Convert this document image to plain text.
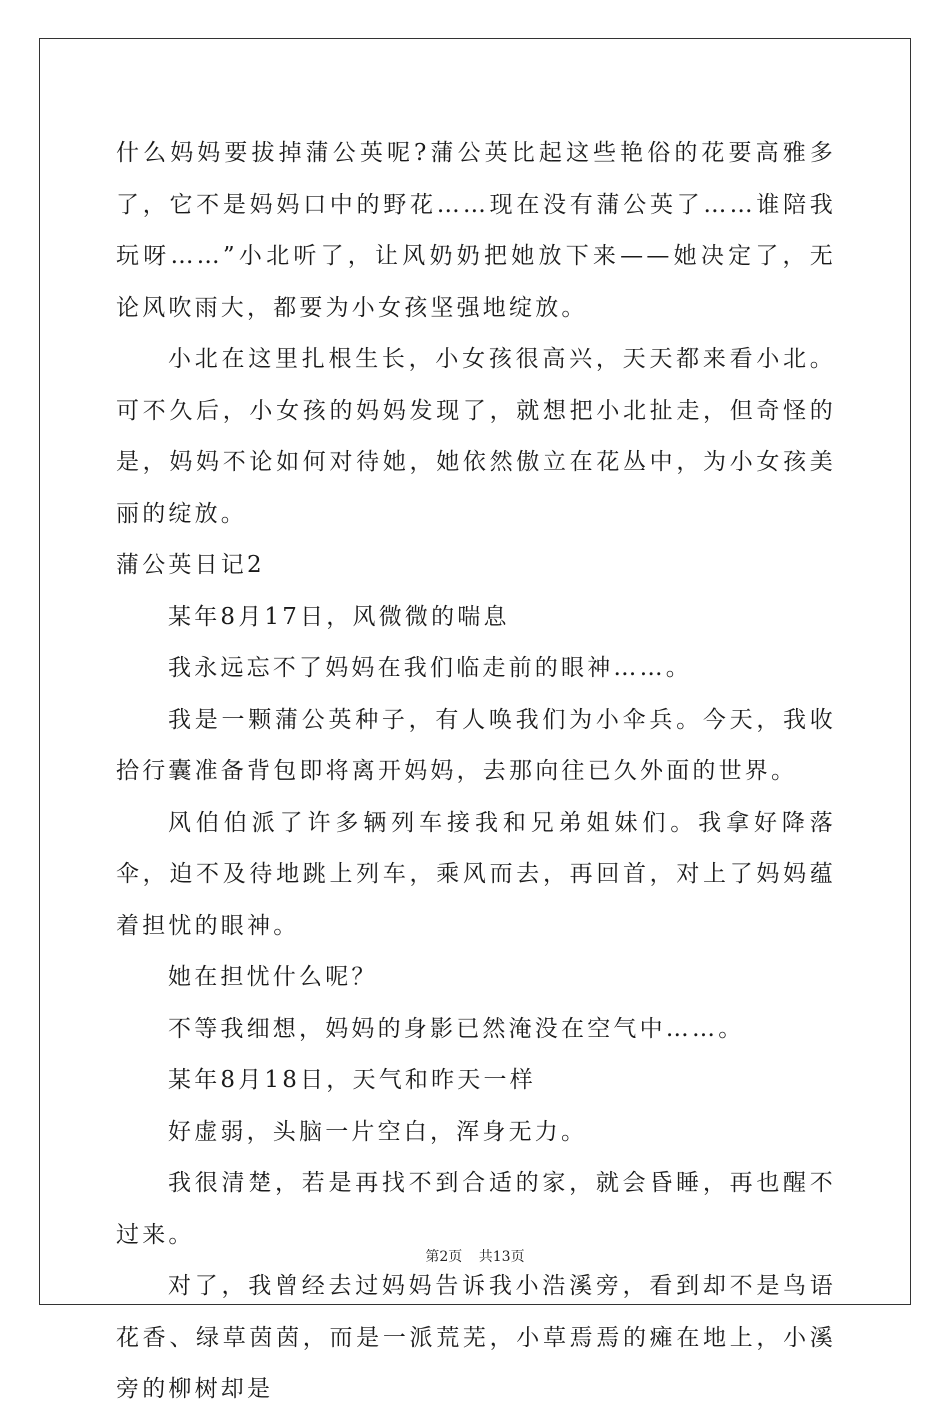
什么妈妈要拔掉蒲公英呢?蒲公英比起这些艳俗的花要高雅多了，它不是妈妈口中的野花……现在没有蒲公英了……谁陪我玩呀……”小北听了，让风奶奶把她放下来——她决定了，无论风吹雨大，都要为小女孩坚强地绽放。

小北在这里扎根生长，小女孩很高兴，天天都来看小北。可不久后，小女孩的妈妈发现了，就想把小北扯走，但奇怪的是，妈妈不论如何对待她，她依然傲立在花丛中，为小女孩美丽的绽放。

蒲公英日记2

某年8月17日，风微微的喘息

我永远忘不了妈妈在我们临走前的眼神……。

我是一颗蒲公英种子，有人唤我们为小伞兵。今天，我收拾行囊准备背包即将离开妈妈，去那向往已久外面的世界。

风伯伯派了许多辆列车接我和兄弟姐妹们。我拿好降落伞，迫不及待地跳上列车，乘风而去，再回首，对上了妈妈蕴着担忧的眼神。

她在担忧什么呢？

不等我细想，妈妈的身影已然淹没在空气中……。

某年8月18日，天气和昨天一样

好虚弱，头脑一片空白，浑身无力。

我很清楚，若是再找不到合适的家，就会昏睡，再也醒不过来。

对了，我曾经去过妈妈告诉我小浩溪旁，看到却不是鸟语花香、绿草茵茵，而是一派荒芜，小草焉焉的瘫在地上，小溪旁的柳树却是

第2页 共13页
